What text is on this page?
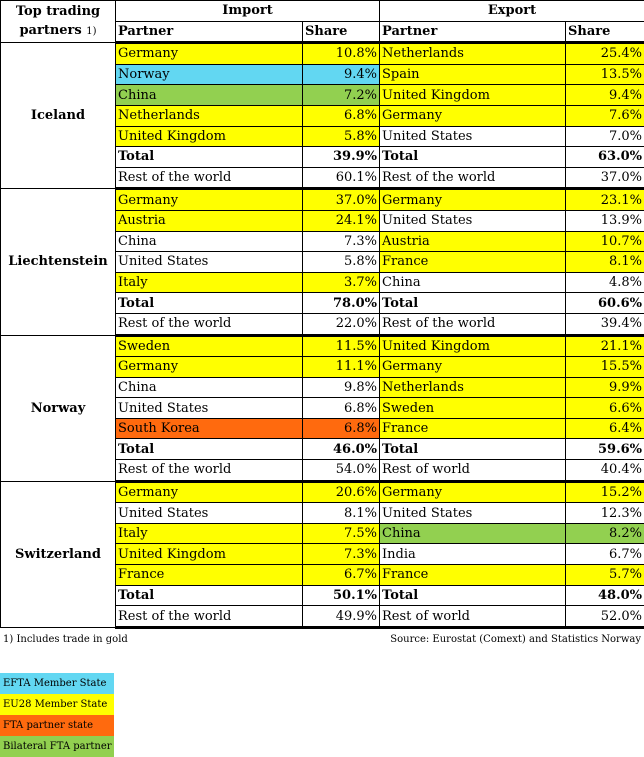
Top trading
partners 1)	Import		Export	
	Partner	Share	Partner	Share
Iceland	Germany	10.8%	Netherlands	25.4%
	Norway	9.4%	Spain	13.5%
	China	7.2%	United Kingdom	9.4%
	Netherlands	6.8%	Germany	7.6%
	United Kingdom	5.8%	United States	7.0%
	Total	39.9%	Total	63.0%
	Rest of the world	60.1%	Rest of the world	37.0%
Liechtenstein	Germany	37.0%	Germany	23.1%
	Austria	24.1%	United States	13.9%
	China	7.3%	Austria	10.7%
	United States	5.8%	France	8.1%
	Italy	3.7%	China	4.8%
	Total	78.0%	Total	60.6%
	Rest of the world	22.0%	Rest of the world	39.4%
Norway	Sweden	11.5%	United Kingdom	21.1%
	Germany	11.1%	Germany	15.5%
	China	9.8%	Netherlands	9.9%
	United States	6.8%	Sweden	6.6%
	South Korea	6.8%	France	6.4%
	Total	46.0%	Total	59.6%
	Rest of the world	54.0%	Rest of world	40.4%
Switzerland	Germany	20.6%	Germany	15.2%
	United States	8.1%	United States	12.3%
	Italy	7.5%	China	8.2%
	United Kingdom	7.3%	India	6.7%
	France	6.7%	France	5.7%
	Total	50.1%	Total	48.0%
	Rest of the world	49.9%	Rest of world	52.0%
1) Includes trade in gold	Source: Eurostat (Comext) and Statistics Norway
EFTA Member State
EU28 Member State
FTA partner state
Bilateral FTA partner
